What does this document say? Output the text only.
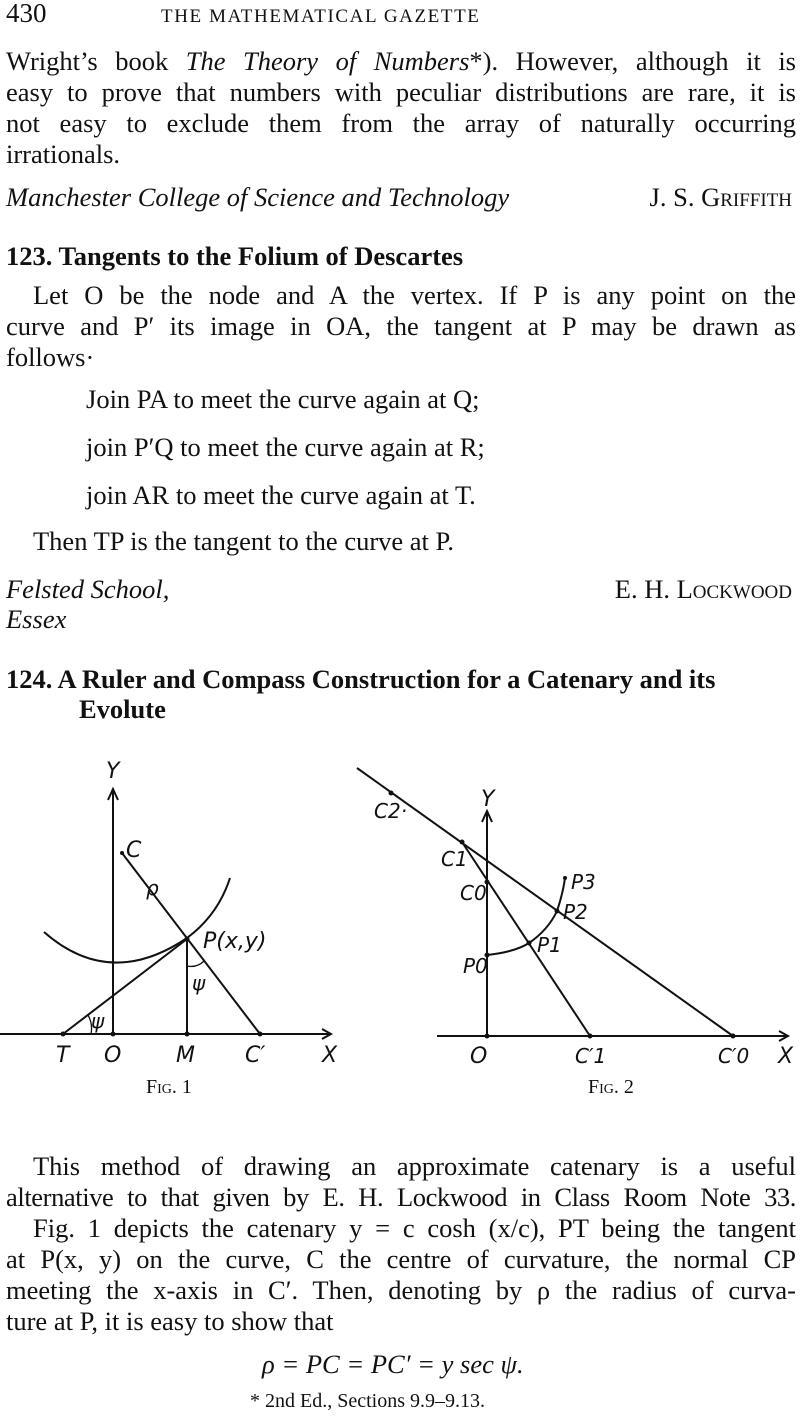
430	THE MATHEMATICAL GAZETTE
Wright’s book The Theory of Numbers*). However, although it is
easy to prove that numbers with peculiar distributions are rare, it is
not easy to exclude them from the array of naturally occurring
irrationals.
Manchester College of Science and Technology	J. S. Griffith
123. Tangents to the Folium of Descartes
Let O be the node and A the vertex. If P is any point on the
curve and P′ its image in OA, the tangent at P may be drawn as
follows·
Join PA to meet the curve again at Q;
join P′Q to meet the curve again at R;
join AR to meet the curve again at T.
Then TP is the tangent to the curve at P.
Felsted School,
Essex
E. H. Lockwood
124. A Ruler and Compass Construction for a Catenary and its
Evolute
Y
X
T O M C′
C
ρ
P(x,y)
ψ
ψ
Y
X
O	C′1	C′0
C2·
C1
C0
P0
P1
P2
P3
Fig. 1	Fig. 2
This method of drawing an approximate catenary is a useful
alternative to that given by E. H. Lockwood in Class Room Note 33.
Fig. 1 depicts the catenary y = c cosh (x/c), PT being the tangent
at P(x, y) on the curve, C the centre of curvature, the normal CP
meeting the x-axis in C′. Then, denoting by ρ the radius of curva-
ture at P, it is easy to show that
ρ = PC = PC′ = y sec ψ.
* 2nd Ed., Sections 9.9–9.13.
